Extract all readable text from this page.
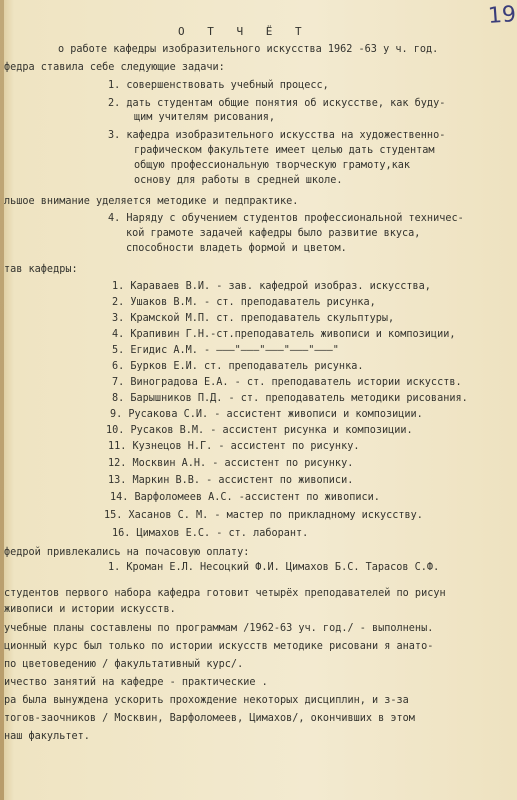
19
О Т Ч Ё Т
о работе кафедры изобразительного искусства 1962 -63 у ч. год.
федра ставила себе следующие задачи:
1. совершенствовать учебный процесс,
2. дать студентам общие понятия об искусстве, как буду-
щим учителям рисования,
3. кафедра изобразительного искусства на художественно-
графическом факультете имеет целью дать студентам
общую профессиональную творческую грамоту,как
основу для работы в средней школе.
льшое внимание уделяется методике и педпрактике.
4. Наряду с обучением студентов профессиональной техничес-
кой грамоте задачей кафедры было развитие вкуса,
способности владеть формой и цветом.
тав кафедры:
1. Караваев В.И. - зав. кафедрой изобраз. искусства,
2. Ушаков В.М. - ст. преподаватель рисунка,
3. Крамской М.П. ст. преподаватель скульптуры,
4. Крапивин Г.Н.-ст.преподаватель живописи и композиции,
5. Егидис А.М. - ———"———"———"———"———"
6. Бурков Е.И. ст. преподаватель рисунка.
7. Виноградова Е.А. - ст. преподаватель истории искусств.
8. Барышников П.Д. - ст. преподаватель методики рисования.
9. Русакова С.И. - ассистент живописи и композиции.
10. Русаков В.М. - ассистент рисунка и композиции.
11. Кузнецов Н.Г. - ассистент по рисунку.
12. Москвин А.Н. - ассистент по рисунку.
13. Маркин В.В. - ассистент по живописи.
14. Варфоломеев А.С. -ассистент по живописи.
15. Хасанов С. М. - мастер по прикладному искусству.
16. Цимахов Е.С. - ст. лаборант.
федрой привлекались на почасовую оплату:
1. Кроман Е.Л. Несоцкий Ф.И. Цимахов Б.С. Тарасов С.Ф.
студентов первого набора кафедра готовит четырёх преподавателей по рисун
живописи и истории искусств.
учебные планы составлены по программам /1962-63 уч. год./ - выполнены.
ционный курс был только по истории искусств методике рисовани я анато-
по цветоведению / факультативный курс/.
ичество занятий на кафедре - практические .
ра была вынуждена ускорить прохождение некоторых дисциплин, и з-за
тогов-заочников / Москвин, Варфоломеев, Цимахов/, окончивших в этом
наш факультет.
